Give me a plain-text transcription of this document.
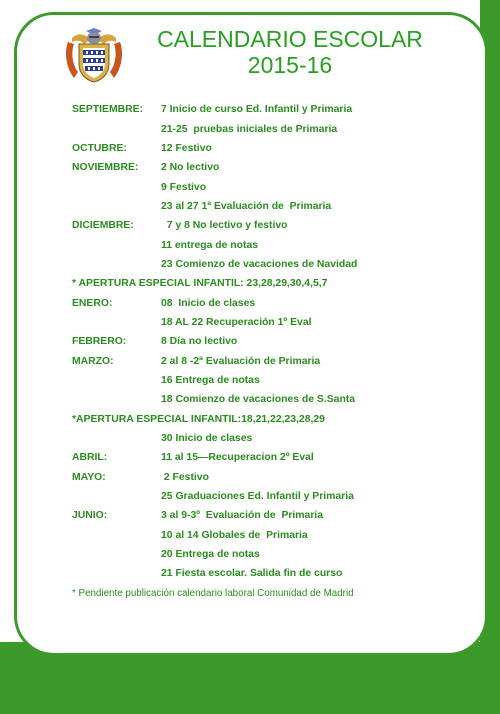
CALENDARIO ESCOLAR
2015-16
SEPTIEMBRE:	7 Inicio de curso Ed. Infantil y Primaria
21-25  pruebas iniciales de Primaria
OCTUBRE:	12 Festivo
NOVIEMBRE:	2 No lectivo
9 Festivo
23 al 27 1ª Evaluación de  Primaria
DICIEMBRE:	7 y 8 No lectivo y festivo
11 entrega de notas
23 Comienzo de vacaciones de Navidad
* APERTURA ESPECIAL INFANTIL: 23,28,29,30,4,5,7
ENERO:	08  Inicio de clases
18 AL 22 Recuperación 1º Eval
FEBRERO:	8 Día no lectivo
MARZO:	2 al 8 -2ª Evaluación de Primaria
16 Entrega de notas
18 Comienzo de vacaciones de S.Santa
*APERTURA ESPECIAL INFANTIL:18,21,22,23,28,29
30 Inicio de clases
ABRIL:	11 al 15—Recuperacion 2º Eval
MAYO:	2 Festivo
25 Graduaciones Ed. Infantil y Primaria
JUNIO:	3 al 9-3º  Evaluación de  Primaria
10 al 14 Globales de  Primaria
20 Entrega de notas
21 Fiesta escolar. Salida fin de curso
* Pendiente publicación calendario laboral Comunidad de Madrid
